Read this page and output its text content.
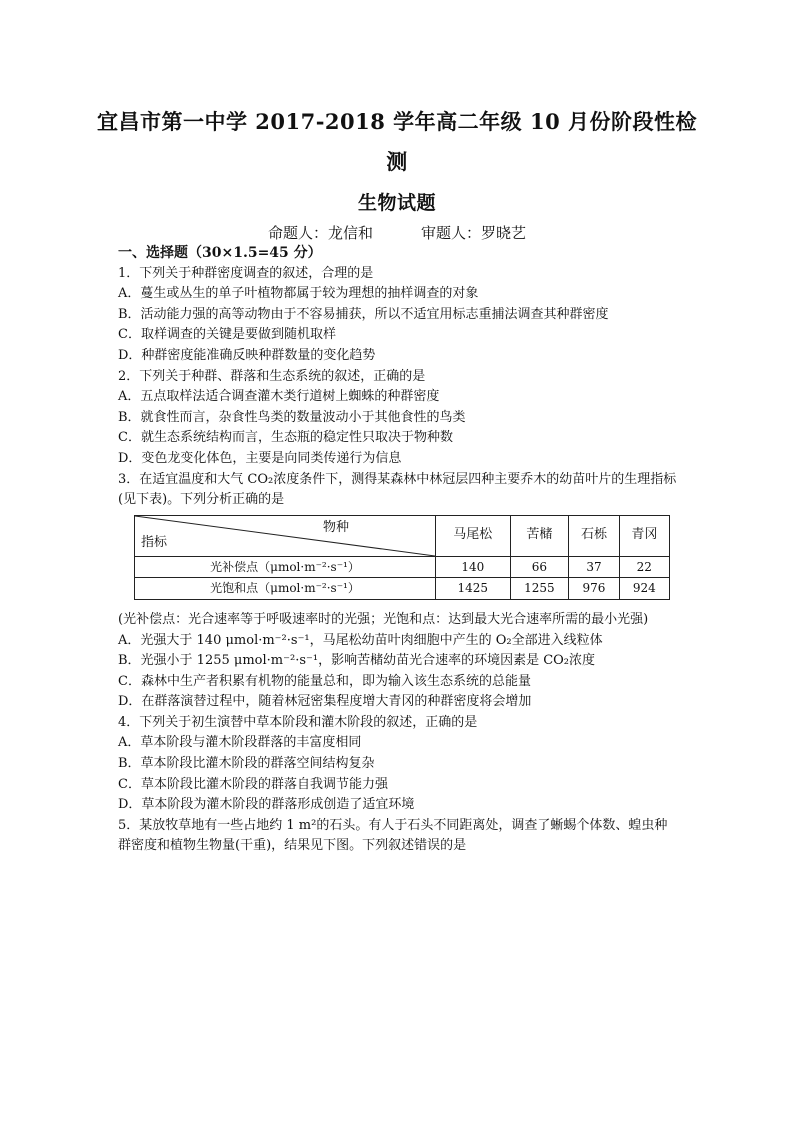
宜昌市第一中学 2017-2018 学年高二年级 10 月份阶段性检
测
生物试题
命题人：龙信和	审题人：罗晓艺

一、选择题（30×1.5=45 分）

1．下列关于种群密度调查的叙述，合理的是

A．蔓生或丛生的单子叶植物都属于较为理想的抽样调查的对象

B．活动能力强的高等动物由于不容易捕获，所以不适宜用标志重捕法调查其种群密度

C．取样调查的关键是要做到随机取样

D．种群密度能准确反映种群数量的变化趋势

2．下列关于种群、群落和生态系统的叙述，正确的是

A．五点取样法适合调查灌木类行道树上蜘蛛的种群密度

B．就食性而言，杂食性鸟类的数量波动小于其他食性的鸟类

C．就生态系统结构而言，生态瓶的稳定性只取决于物种数

D．变色龙变化体色，主要是向同类传递行为信息

3．在适宜温度和大气 CO₂浓度条件下，测得某森林中林冠层四种主要乔木的幼苗叶片的生理指标(见下表)。下列分析正确的是

物种
指标	马尾松	苦槠	石栎	青冈
光补偿点（μmol·m⁻²·s⁻¹）	140	66	37	22
光饱和点（μmol·m⁻²·s⁻¹）	1425	1255	976	924

(光补偿点：光合速率等于呼吸速率时的光强；光饱和点：达到最大光合速率所需的最小光强)

A．光强大于 140 μmol·m⁻²·s⁻¹，马尾松幼苗叶肉细胞中产生的 O₂全部进入线粒体

B．光强小于 1255 μmol·m⁻²·s⁻¹，影响苦槠幼苗光合速率的环境因素是 CO₂浓度

C．森林中生产者积累有机物的能量总和，即为输入该生态系统的总能量

D．在群落演替过程中，随着林冠密集程度增大青冈的种群密度将会增加

4．下列关于初生演替中草本阶段和灌木阶段的叙述，正确的是

A．草本阶段与灌木阶段群落的丰富度相同

B．草本阶段比灌木阶段的群落空间结构复杂

C．草本阶段比灌木阶段的群落自我调节能力强

D．草本阶段为灌木阶段的群落形成创造了适宜环境

5．某放牧草地有一些占地约 1 m²的石头。有人于石头不同距离处，调查了蜥蜴个体数、蝗虫种群密度和植物生物量(干重)，结果见下图。下列叙述错误的是
